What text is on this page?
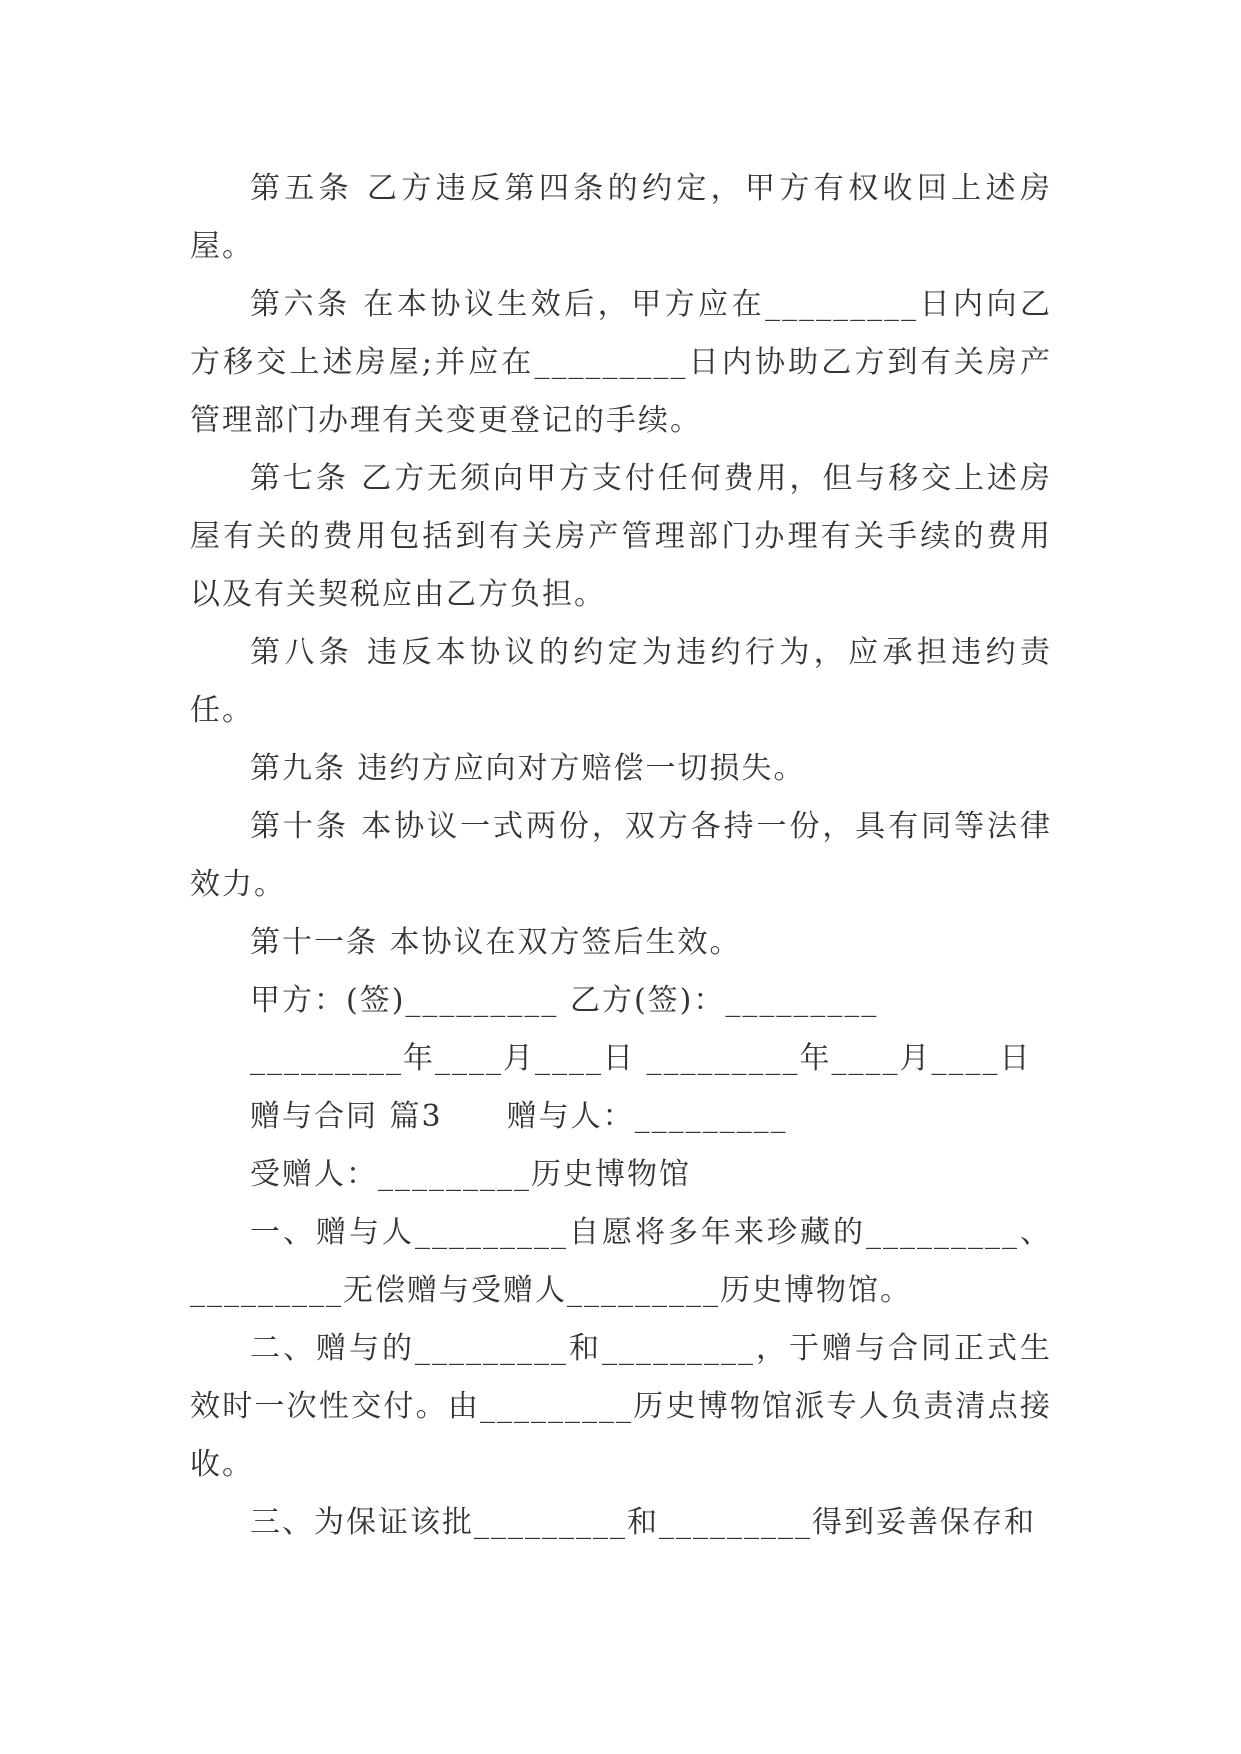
第五条 乙方违反第四条的约定，甲方有权收回上述房屋。

第六条 在本协议生效后，甲方应在_________日内向乙方移交上述房屋;并应在_________日内协助乙方到有关房产管理部门办理有关变更登记的手续。

第七条 乙方无须向甲方支付任何费用，但与移交上述房屋有关的费用包括到有关房产管理部门办理有关手续的费用以及有关契税应由乙方负担。

第八条 违反本协议的约定为违约行为，应承担违约责任。

第九条 违约方应向对方赔偿一切损失。

第十条 本协议一式两份，双方各持一份，具有同等法律效力。

第十一条 本协议在双方签后生效。

甲方：(签)_________ 乙方(签)：_________

_________年____月____日 _________年____月____日

赠与合同 篇3　　赠与人：_________

受赠人：_________历史博物馆

一、赠与人_________自愿将多年来珍藏的_________、_________无偿赠与受赠人_________历史博物馆。

二、赠与的_________和_________，于赠与合同正式生效时一次性交付。由_________历史博物馆派专人负责清点接收。

三、为保证该批_________和_________得到妥善保存和
